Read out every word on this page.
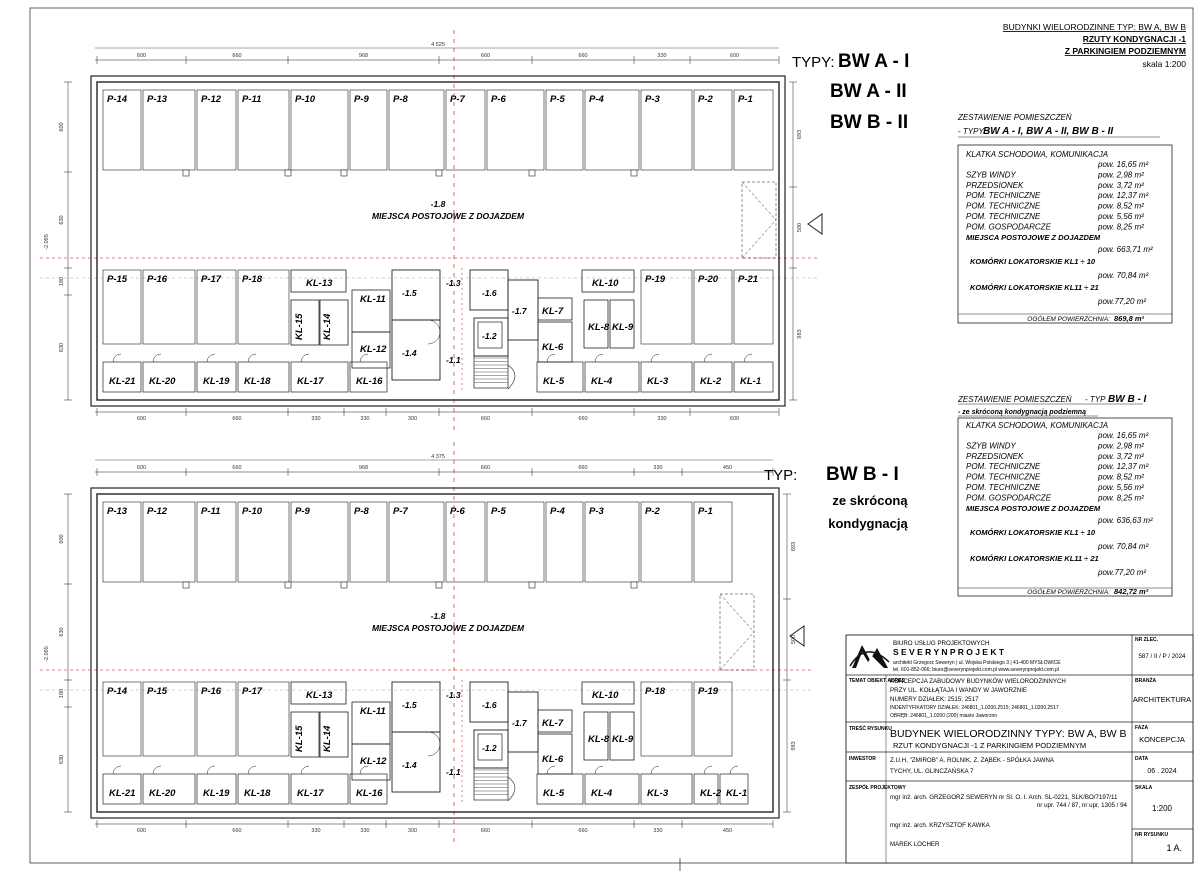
BUDYNKI WIELORODZINNE TYP: BW A, BW B
RZUTY KONDYGNACJI -1
Z PARKINGIEM PODZIEMNYM
skala 1:200
TYPY: BW A - I
BW A - II
BW B - II
TYP: BW B - I
ze skróconą
kondygnacją
600	660	968	660	660	330	600
4 525
600	660	330	330	300	660	660	330	600
600
630
180
630
-2.095
693
500
983
P-14 P-13	P-12 P-11	P-10	P-9	P-8	P-7	P-6	P-5	P-4	P-3	P-2	P-1
-1.8
MIEJSCA POSTOJOWE Z DOJAZDEM
P-15 P-16	P-17 P-18	P-19	P-20 P-21
KL-21 KL-20	KL-19 KL-18	KL-17	KL-16	KL-5	KL-4	KL-3	KL-2 KL-1
KL-13
KL-15 KL-14
KL-11
KL-12
-1.5
-1.3
-1.6
-1.7
-1.2
-1.4
-1.1
KL-10
KL-7
KL-8 KL-9
KL-6
600	660	968	660	660	330	450
4 375
600	660	330	330	300	660	660	330	450
600
630
180
630
-2.095
693
500
983
P-13 P-12	P-11 P-10	P-9	P-8	P-7	P-6	P-5	P-4	P-3	P-2	P-1
-1.8
MIEJSCA POSTOJOWE Z DOJAZDEM
P-14 P-15	P-16 P-17	P-18	P-19
KL-21 KL-20	KL-19 KL-18	KL-17	KL-16	KL-5	KL-4	KL-3	KL-2 KL-1
KL-13
KL-15 KL-14
KL-11
KL-12
-1.5
-1.3
-1.6
-1.7
-1.2
-1.4
-1.1
KL-10
KL-7
KL-8 KL-9
KL-6
ZESTAWIENIE POMIESZCZEŃ
- TYPY BW A - I, BW A - II, BW B - II
KLATKA SCHODOWA, KOMUNIKACJA
pow. 16,65 m²
SZYB WINDY	pow. 2,98 m²
PRZEDSIONEK	pow. 3,72 m²
POM. TECHNICZNE	pow. 12,37 m²
POM. TECHNICZNE	pow. 8,52 m²
POM. TECHNICZNE	pow. 5,56 m²
POM. GOSPODARCZE	pow. 8,25 m²
MIEJSCA POSTOJOWE Z DOJAZDEM
pow. 663,71 m²
KOMÓRKI LOKATORSKIE KL1 ÷ 10
pow. 70,84 m²
KOMÓRKI LOKATORSKIE KL11 ÷ 21
pow.77,20 m²
OGÓŁEM POWIERZCHNIA: 869,8 m²
ZESTAWIENIE POMIESZCZEŃ - TYP BW B - I
- ze skróconą kondygnacją podziemną
KLATKA SCHODOWA, KOMUNIKACJA
pow. 16,65 m²
SZYB WINDY	pow. 2,98 m²
PRZEDSIONEK	pow. 3,72 m²
POM. TECHNICZNE	pow. 12,37 m²
POM. TECHNICZNE	pow. 8,52 m²
POM. TECHNICZNE	pow. 5,56 m²
POM. GOSPODARCZE	pow. 8,25 m²
MIEJSCA POSTOJOWE Z DOJAZDEM
pow. 636,63 m²
KOMÓRKI LOKATORSKIE KL1 ÷ 10
pow. 70,84 m²
KOMÓRKI LOKATORSKIE KL11 ÷ 21
pow.77,20 m²
OGÓŁEM POWIERZCHNIA: 842,72 m²
BIURO USŁUG PROJEKTOWYCH
S E V E R Y N P R O J E K T
architekt Grzegorz Seweryn | ul. Wojska Polskiego 3 | 41-400 MYSŁOWICE
tel. 601-852-066; biuro@severynprojekt.com.pl www.severynprojekt.com.pl
NR ZLEC.
587 / II / P / 2024
TEMAT OBIEKT ADRES
KONCEPCJA ZABUDOWY BUDYNKÓW WIELORODZINNYCH
PRZY UL. KOŁŁĄTAJA I WANDY W JAWORZNIE
NUMERY DZIAŁEK: 2515; 2517
INDENTYFIKATORY DZIAŁEK: 246801_1.0200.2515; 246801_1.0200.2517
OBRĘB: 246801_1.0200 (200) miasto Jaworzno
BRANŻA
ARCHITEKTURA
TREŚĆ RYSUNKU
BUDYNEK WIELORODZINNY TYPY: BW A, BW B
RZUT KONDYGNACJI -1 Z PARKINGIEM PODZIEMNYM
FAZA
KONCEPCJA
INWESTOR Z.U.H, "ZMIROB" A. ROLNIK, Z. ZĄBEK - SPÓŁKA JAWNA
TYCHY, UL. GLINCZAŃSKA 7
DATA
06 . 2024
ZESPÓŁ PROJEKTOWY
mgr inż. arch. GRZEGORZ SEWERYN nr SI. O. I. Arch. SL-0221, SLK/BO/7197/11
nr upr. 744 / 87, nr upr. 1305 / 94
mgr inż. arch. KRZYSZTOF KAWKA
MAREK LOCHER
SKALA
1:200
NR RYSUNKU
1 A.
